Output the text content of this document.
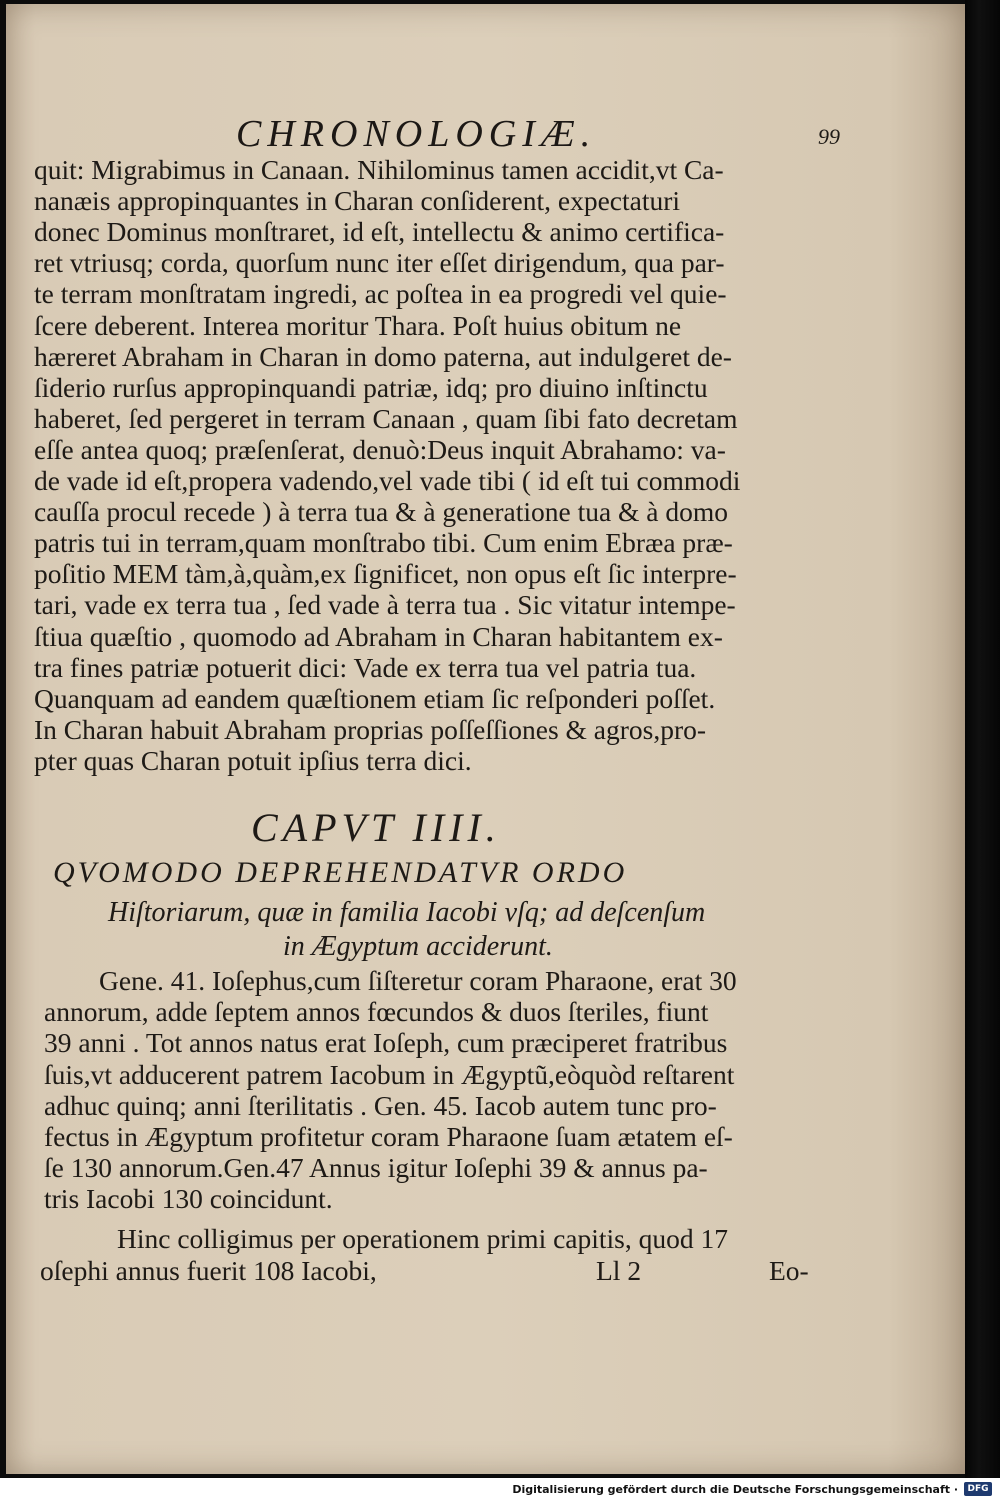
CHRONOLOGIÆ.	99
quit: Migrabimus in Canaan. Nihilominus tamen accidit,vt Ca-
nanæis appropinquantes in Charan conſiderent, expectaturi
donec Dominus monſtraret, id eſt, intellectu & animo certifica-
ret vtriusq; corda, quorſum nunc iter eſſet dirigendum, qua par-
te terram monſtratam ingredi, ac poſtea in ea progredi vel quie-
ſcere deberent. Interea moritur Thara. Poſt huius obitum ne
hæreret Abraham in Charan in domo paterna, aut indulgeret de-
ſiderio rurſus appropinquandi patriæ, idq; pro diuino inſtinctu
haberet, ſed pergeret in terram Canaan , quam ſibi fato decretam
eſſe antea quoq; præſenſerat, denuò:Deus inquit Abrahamo: va-
de vade id eſt,propera vadendo,vel vade tibi ( id eſt tui commodi
cauſſa procul recede ) à terra tua & à generatione tua & à domo
patris tui in terram,quam monſtrabo tibi. Cum enim Ebræa præ-
poſitio MEM tàm,à,quàm,ex ſignificet, non opus eſt ſic interpre-
tari, vade ex terra tua , ſed vade à terra tua . Sic vitatur intempe-
ſtiua quæſtio , quomodo ad Abraham in Charan habitantem ex-
tra fines patriæ potuerit dici: Vade ex terra tua vel patria tua.
Quanquam ad eandem quæſtionem etiam ſic reſponderi poſſet.
In Charan habuit Abraham proprias poſſeſſiones & agros,pro-
pter quas Charan potuit ipſius terra dici.
CAPVT IIII.
QVOMODO DEPREHENDATVR ORDO
Hiſtoriarum, quæ in familia Iacobi vſq; ad deſcenſum
in Ægyptum acciderunt.
Gene. 41. Ioſephus,cum ſiſteretur coram Pharaone, erat 30
annorum, adde ſeptem annos fœcundos & duos ſteriles, fiunt
39 anni . Tot annos natus erat Ioſeph, cum præciperet fratribus
ſuis,vt adducerent patrem Iacobum in Ægyptũ,eòquòd reſtarent
adhuc quinq; anni ſterilitatis . Gen. 45. Iacob autem tunc pro-
fectus in Ægyptum profitetur coram Pharaone ſuam ætatem eſ-
ſe 130 annorum.Gen.47 Annus igitur Ioſephi 39 & annus pa-
tris Iacobi 130 coincidunt.
Hinc colligimus per operationem primi capitis, quod 17
oſephi annus fuerit 108 Iacobi,	Ll 2	Eo-
Digitalisierung gefördert durch die Deutsche Forschungsgemeinschaft ·	DFG
